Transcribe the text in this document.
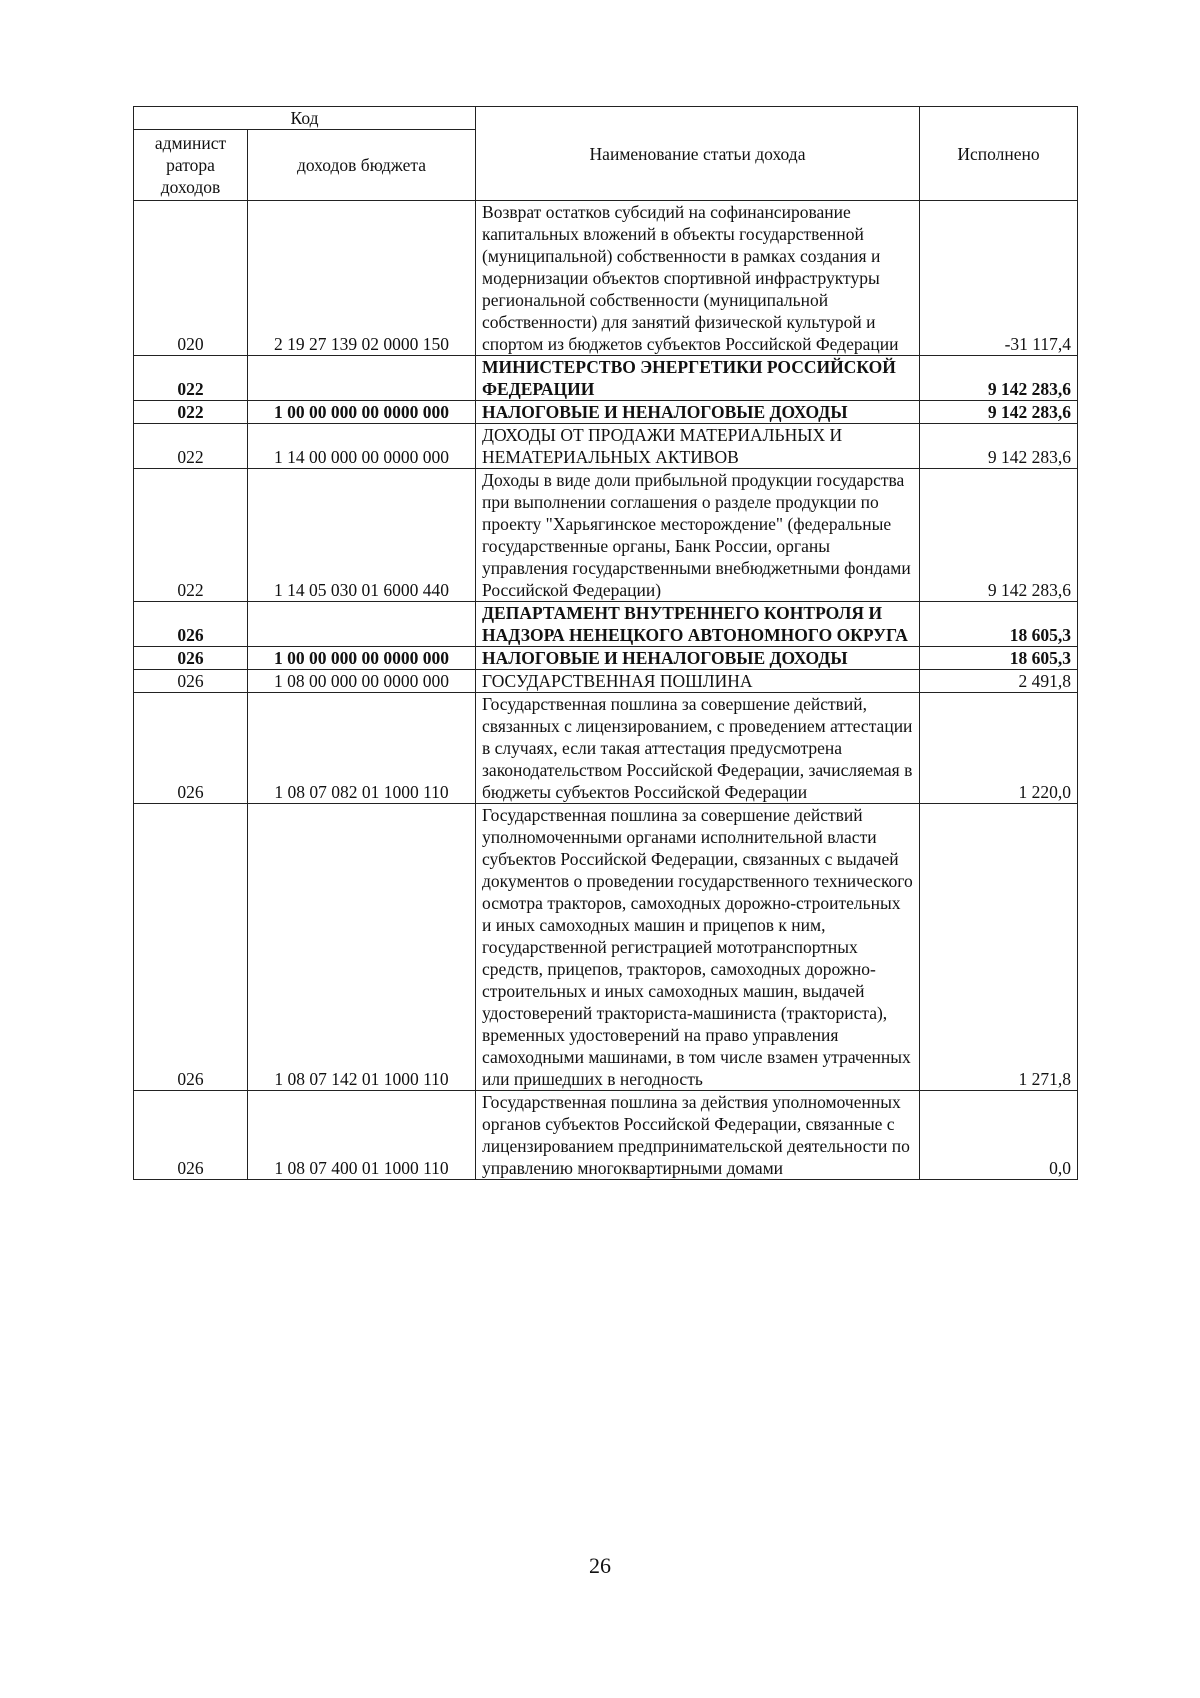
Код		Наименование статьи дохода	Исполнено
админист ратора доходов	доходов бюджета		
020	2 19 27 139 02 0000 150	Возврат остатков субсидий на софинансирование капитальных вложений в объекты государственной (муниципальной) собственности в рамках создания и модернизации объектов спортивной инфраструктуры региональной собственности (муниципальной собственности) для занятий физической культурой и спортом из бюджетов субъектов Российской Федерации	-31 117,4
022		МИНИСТЕРСТВО ЭНЕРГЕТИКИ РОССИЙСКОЙ ФЕДЕРАЦИИ	9 142 283,6
022	1 00 00 000 00 0000 000	НАЛОГОВЫЕ И НЕНАЛОГОВЫЕ ДОХОДЫ	9 142 283,6
022	1 14 00 000 00 0000 000	ДОХОДЫ ОТ ПРОДАЖИ МАТЕРИАЛЬНЫХ И НЕМАТЕРИАЛЬНЫХ АКТИВОВ	9 142 283,6
022	1 14 05 030 01 6000 440	Доходы в виде доли прибыльной продукции государства при выполнении соглашения о разделе продукции по проекту "Харьягинское месторождение" (федеральные государственные органы, Банк России, органы управления государственными внебюджетными фондами Российской Федерации)	9 142 283,6
026		ДЕПАРТАМЕНТ ВНУТРЕННЕГО КОНТРОЛЯ И НАДЗОРА НЕНЕЦКОГО АВТОНОМНОГО ОКРУГА	18 605,3
026	1 00 00 000 00 0000 000	НАЛОГОВЫЕ И НЕНАЛОГОВЫЕ ДОХОДЫ	18 605,3
026	1 08 00 000 00 0000 000	ГОСУДАРСТВЕННАЯ ПОШЛИНА	2 491,8
026	1 08 07 082 01 1000 110	Государственная пошлина за совершение действий, связанных с лицензированием, с проведением аттестации в случаях, если такая аттестация предусмотрена законодательством Российской Федерации, зачисляемая в бюджеты субъектов Российской Федерации	1 220,0
026	1 08 07 142 01 1000 110	Государственная пошлина за совершение действий уполномоченными органами исполнительной власти субъектов Российской Федерации, связанных с выдачей документов о проведении государственного технического осмотра тракторов, самоходных дорожно-строительных и иных самоходных машин и прицепов к ним, государственной регистрацией мототранспортных средств, прицепов, тракторов, самоходных дорожно-строительных и иных самоходных машин, выдачей удостоверений тракториста-машиниста (тракториста), временных удостоверений на право управления самоходными машинами, в том числе взамен утраченных или пришедших в негодность	1 271,8
026	1 08 07 400 01 1000 110	Государственная пошлина за действия уполномоченных органов субъектов Российской Федерации, связанные с лицензированием предпринимательской деятельности по управлению многоквартирными домами	0,0
26
